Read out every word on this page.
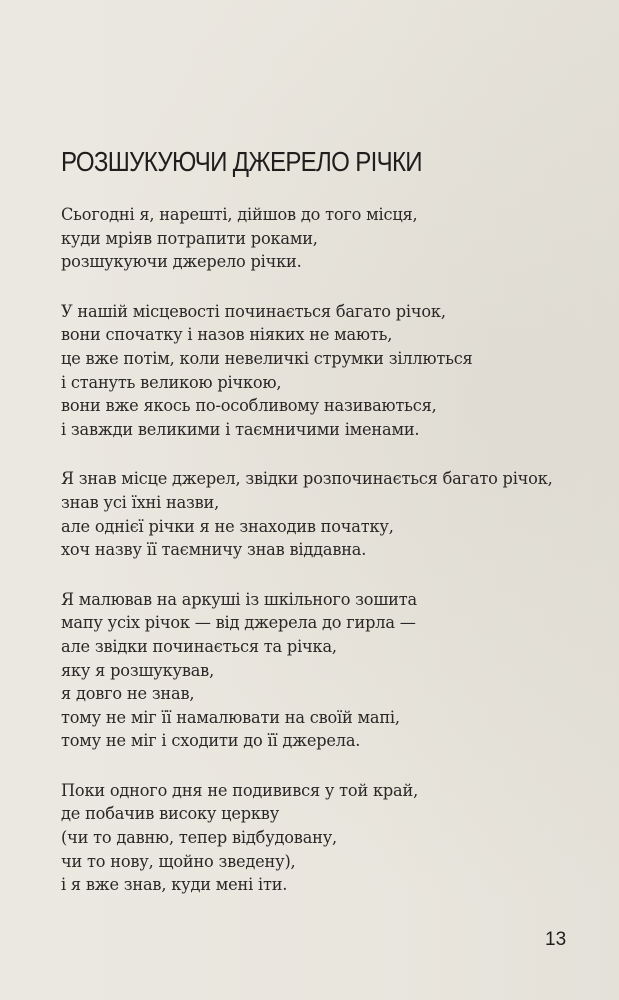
РОЗШУКУЮЧИ ДЖЕРЕЛО РІЧКИ
Сьогодні я, нарешті, дійшов до того місця,
куди мріяв потрапити роками,
розшукуючи джерело річки.
У нашій місцевості починається багато річок,
вони спочатку і назов ніяких не мають,
це вже потім, коли невеличкі струмки зіллються
і стануть великою річкою,
вони вже якось по-особливому називаються,
і завжди великими і таємничими іменами.
Я знав місце джерел, звідки розпочинається багато річок,
знав усі їхні назви,
але однієї річки я не знаходив початку,
хоч назву її таємничу знав віддавна.
Я малював на аркуші із шкільного зошита
мапу усіх річок — від джерела до гирла —
але звідки починається та річка,
яку я розшукував,
я довго не знав,
тому не міг її намалювати на своїй мапі,
тому не міг і сходити до її джерела.
Поки одного дня не подивився у той край,
де побачив високу церкву
(чи то давню, тепер відбудовану,
чи то нову, щойно зведену),
і я вже знав, куди мені іти.
13
